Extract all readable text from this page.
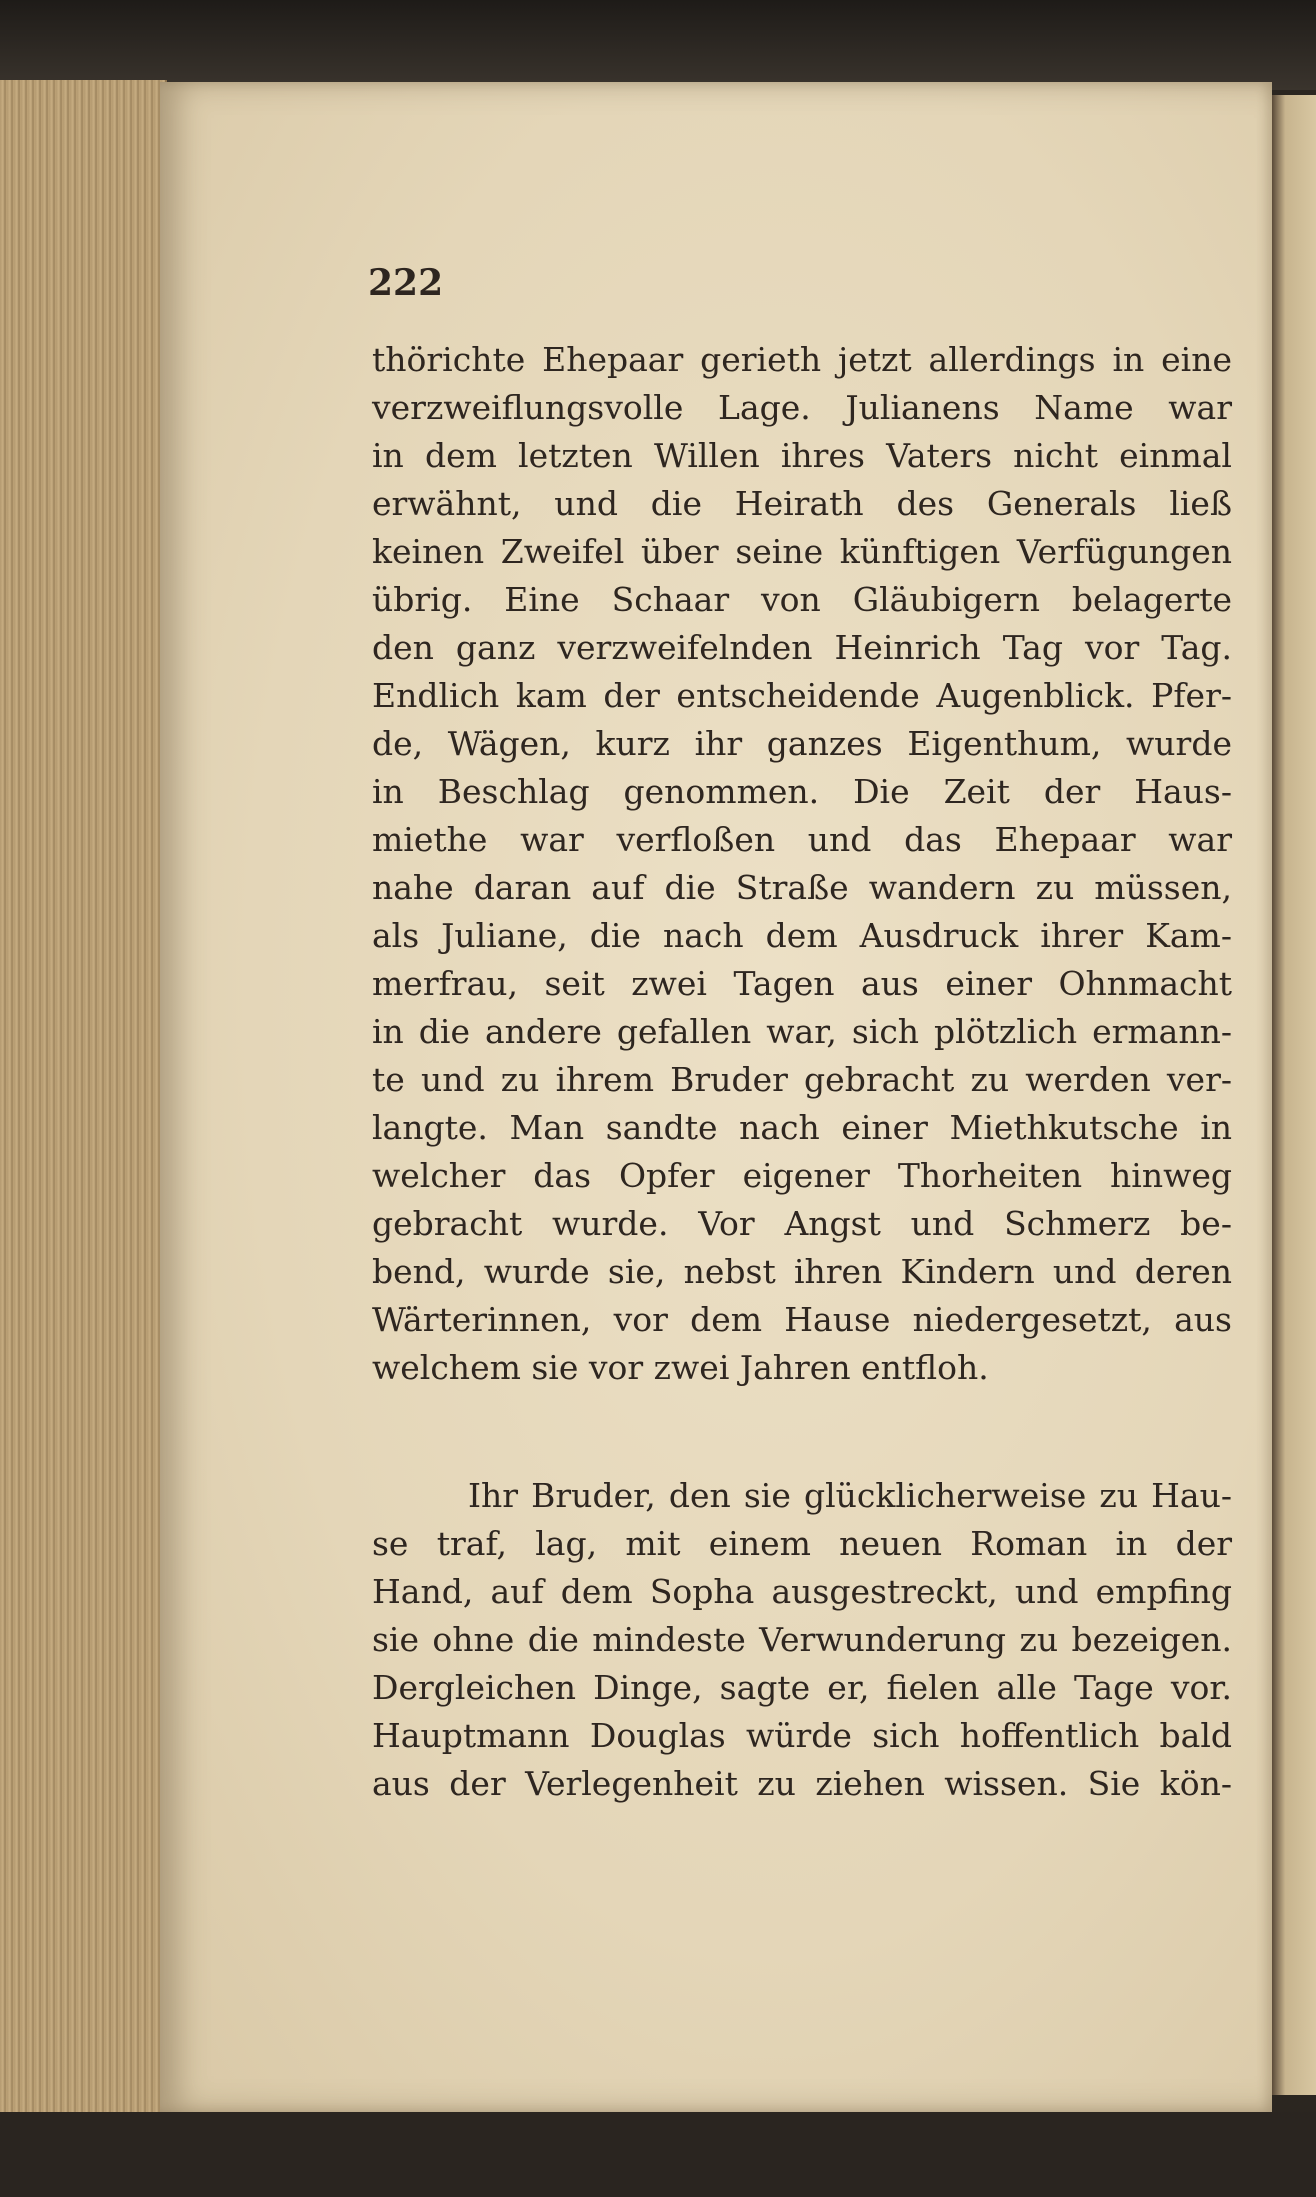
222

thörichte Ehepaar gerieth jetzt allerdings in eine
verzweiflungsvolle Lage. Julianens Name war
in dem letzten Willen ihres Vaters nicht einmal
erwähnt, und die Heirath des Generals ließ
keinen Zweifel über seine künftigen Verfügungen
übrig. Eine Schaar von Gläubigern belagerte
den ganz verzweifelnden Heinrich Tag vor Tag.
Endlich kam der entscheidende Augenblick. Pfer-
de, Wägen, kurz ihr ganzes Eigenthum, wurde
in Beschlag genommen. Die Zeit der Haus-
miethe war verfloßen und das Ehepaar war
nahe daran auf die Straße wandern zu müssen,
als Juliane, die nach dem Ausdruck ihrer Kam-
merfrau, seit zwei Tagen aus einer Ohnmacht
in die andere gefallen war, sich plötzlich ermann-
te und zu ihrem Bruder gebracht zu werden ver-
langte. Man sandte nach einer Miethkutsche in
welcher das Opfer eigener Thorheiten hinweg
gebracht wurde. Vor Angst und Schmerz be-
bend, wurde sie, nebst ihren Kindern und deren
Wärterinnen, vor dem Hause niedergesetzt, aus
welchem sie vor zwei Jahren entfloh.

Ihr Bruder, den sie glücklicherweise zu Hau-
se traf, lag, mit einem neuen Roman in der
Hand, auf dem Sopha ausgestreckt, und empfing
sie ohne die mindeste Verwunderung zu bezeigen.
Dergleichen Dinge, sagte er, fielen alle Tage vor.
Hauptmann Douglas würde sich hoffentlich bald
aus der Verlegenheit zu ziehen wissen. Sie kön-
